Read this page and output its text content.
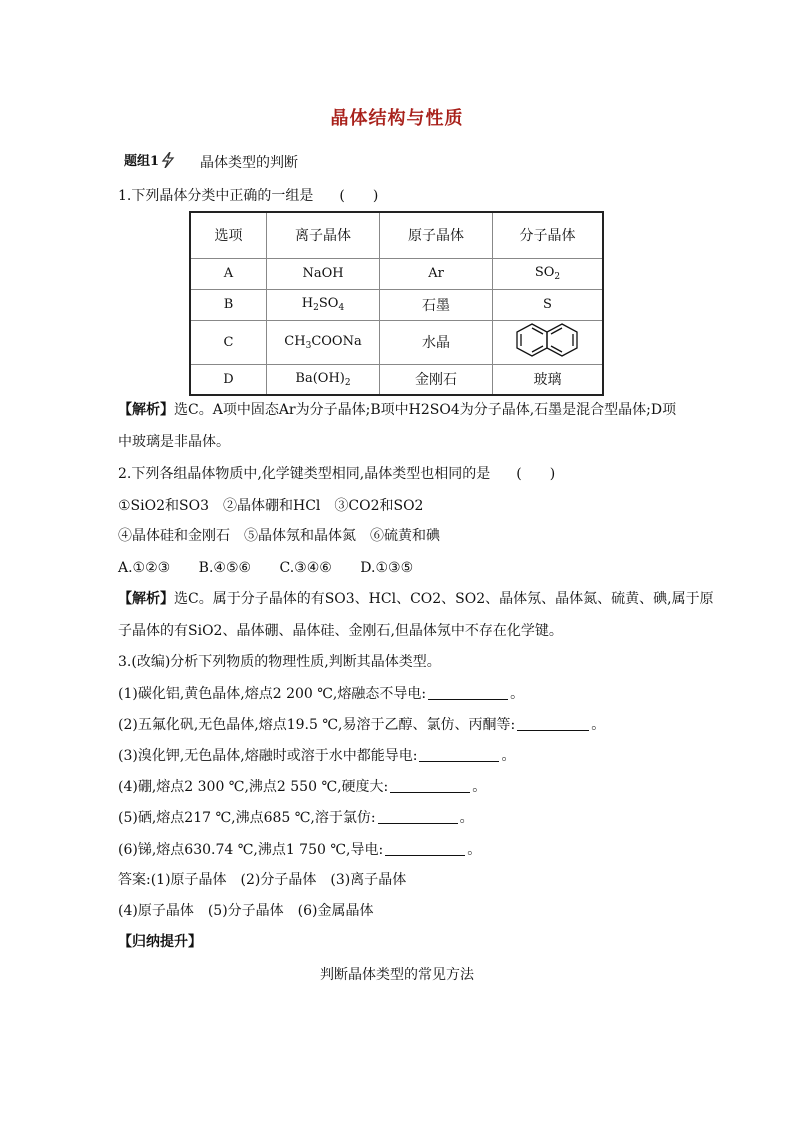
晶体结构与性质
题组1	晶体类型的判断
1.下列晶体分类中正确的一组是 (　　)
选项	离子晶体	原子晶体	分子晶体
A	NaOH	Ar	$SO_2$
B	$H_2SO_4$	石墨	S
C	$CH_3COONa$	水晶	
D	$Ba(OH)_2$	金刚石	玻璃
【解析】选C。A项中固态Ar为分子晶体;B项中H2SO4为分子晶体,石墨是混合型晶体;D项
中玻璃是非晶体。
2.下列各组晶体物质中,化学键类型相同,晶体类型也相同的是 (　　)
①SiO2和SO3　②晶体硼和HCl　③CO2和SO2
④晶体硅和金刚石　⑤晶体氖和晶体氮　⑥硫黄和碘
A.①②③ B.④⑤⑥ C.③④⑥ D.①③⑤
【解析】选C。属于分子晶体的有SO3、HCl、CO2、SO2、晶体氖、晶体氮、硫黄、碘,属于原
子晶体的有SiO2、晶体硼、晶体硅、金刚石,但晶体氖中不存在化学键。
3.(改编)分析下列物质的物理性质,判断其晶体类型。
(1)碳化铝,黄色晶体,熔点2 200 ℃,熔融态不导电:	。
(2)五氟化矾,无色晶体,熔点19.5 ℃,易溶于乙醇、氯仿、丙酮等:	。
(3)溴化钾,无色晶体,熔融时或溶于水中都能导电:	。
(4)硼,熔点2 300 ℃,沸点2 550 ℃,硬度大:	。
(5)硒,熔点217 ℃,沸点685 ℃,溶于氯仿:	。
(6)锑,熔点630.74 ℃,沸点1 750 ℃,导电:	。
答案:(1)原子晶体　(2)分子晶体　(3)离子晶体
(4)原子晶体　(5)分子晶体　(6)金属晶体
【归纳提升】
判断晶体类型的常见方法
